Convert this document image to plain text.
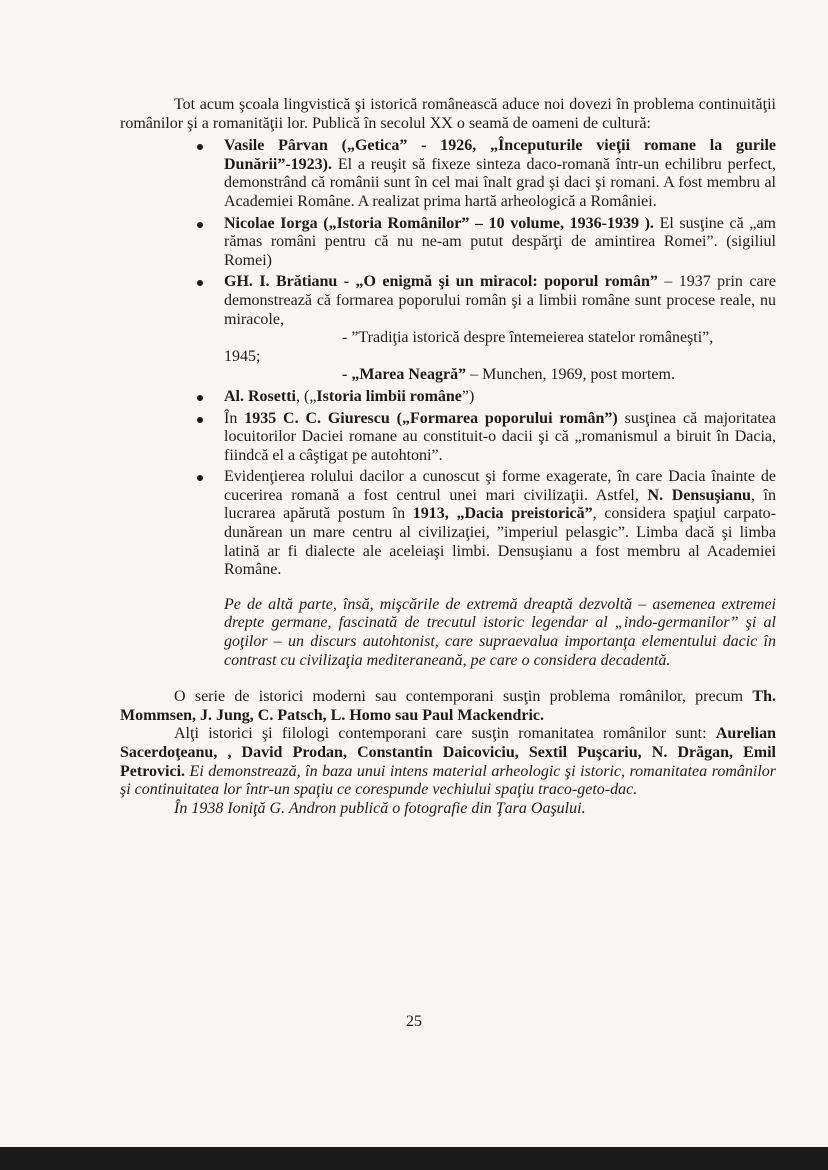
Tot acum şcoala lingvistică şi istorică românească aduce noi dovezi în problema continuităţii românilor şi a romanităţii lor. Publică în secolul XX o seamă de oameni de cultură:

Vasile Pârvan („Getica” - 1926, „Începuturile vieţii romane la gurile Dunării”-1923). El a reuşit să fixeze sinteza daco-romană într-un echilibru perfect, demonstrând că românii sunt în cel mai înalt grad şi daci şi romani. A fost membru al Academiei Române. A realizat prima hartă arheologică a României.
Nicolae Iorga („Istoria Românilor” – 10 volume, 1936-1939 ). El susţine că „am rămas români pentru că nu ne-am putut despărţi de amintirea Romei”. (sigiliul Romei)
GH. I. Brătianu - „O enigmă şi un miracol: poporul român” – 1937 prin care demonstrează că formarea poporului român şi a limbii române sunt procese reale, nu miracole,
- ”Tradiţia istorică despre întemeierea statelor româneşti”,
1945;
- „Marea Neagră” – Munchen, 1969, post mortem.
Al. Rosetti, („Istoria limbii române”)
În 1935 C. C. Giurescu („Formarea poporului român”) susţinea că majoritatea locuitorilor Daciei romane au constituit-o dacii şi că „romanismul a biruit în Dacia, fiindcă el a câştigat pe autohtoni”.
Evidenţierea rolului dacilor a cunoscut şi forme exagerate, în care Dacia înainte de cucerirea romană a fost centrul unei mari civilizaţii. Astfel, N. Densuşianu, în lucrarea apărută postum în 1913, „Dacia preistorică”, considera spaţiul carpato-dunărean un mare centru al civilizaţiei, ”imperiul pelasgic”. Limba dacă şi limba latină ar fi dialecte ale aceleiaşi limbi. Densuşianu a fost membru al Academiei Române.

Pe de altă parte, însă, mişcările de extremă dreaptă dezvoltă – asemenea extremei drepte germane, fascinată de trecutul istoric legendar al „indo-germanilor” şi al goţilor – un discurs autohtonist, care supraevalua importanţa elementului dacic în contrast cu civilizaţia mediteraneană, pe care o considera decadentă.

O serie de istorici moderni sau contemporani susţin problema românilor, precum Th. Mommsen, J. Jung, C. Patsch, L. Homo sau Paul Mackendric.

Alţi istorici şi filologi contemporani care susţin romanitatea românilor sunt: Aurelian Sacerdoţeanu, , David Prodan, Constantin Daicoviciu, Sextil Puşcariu, N. Drăgan, Emil Petrovici. Ei demonstrează, în baza unui intens material arheologic şi istoric, romanitatea românilor şi continuitatea lor într-un spaţiu ce corespunde vechiului spaţiu traco-geto-dac.

În 1938 Ioniţă G. Andron publică o fotografie din Ţara Oaşului.

25
